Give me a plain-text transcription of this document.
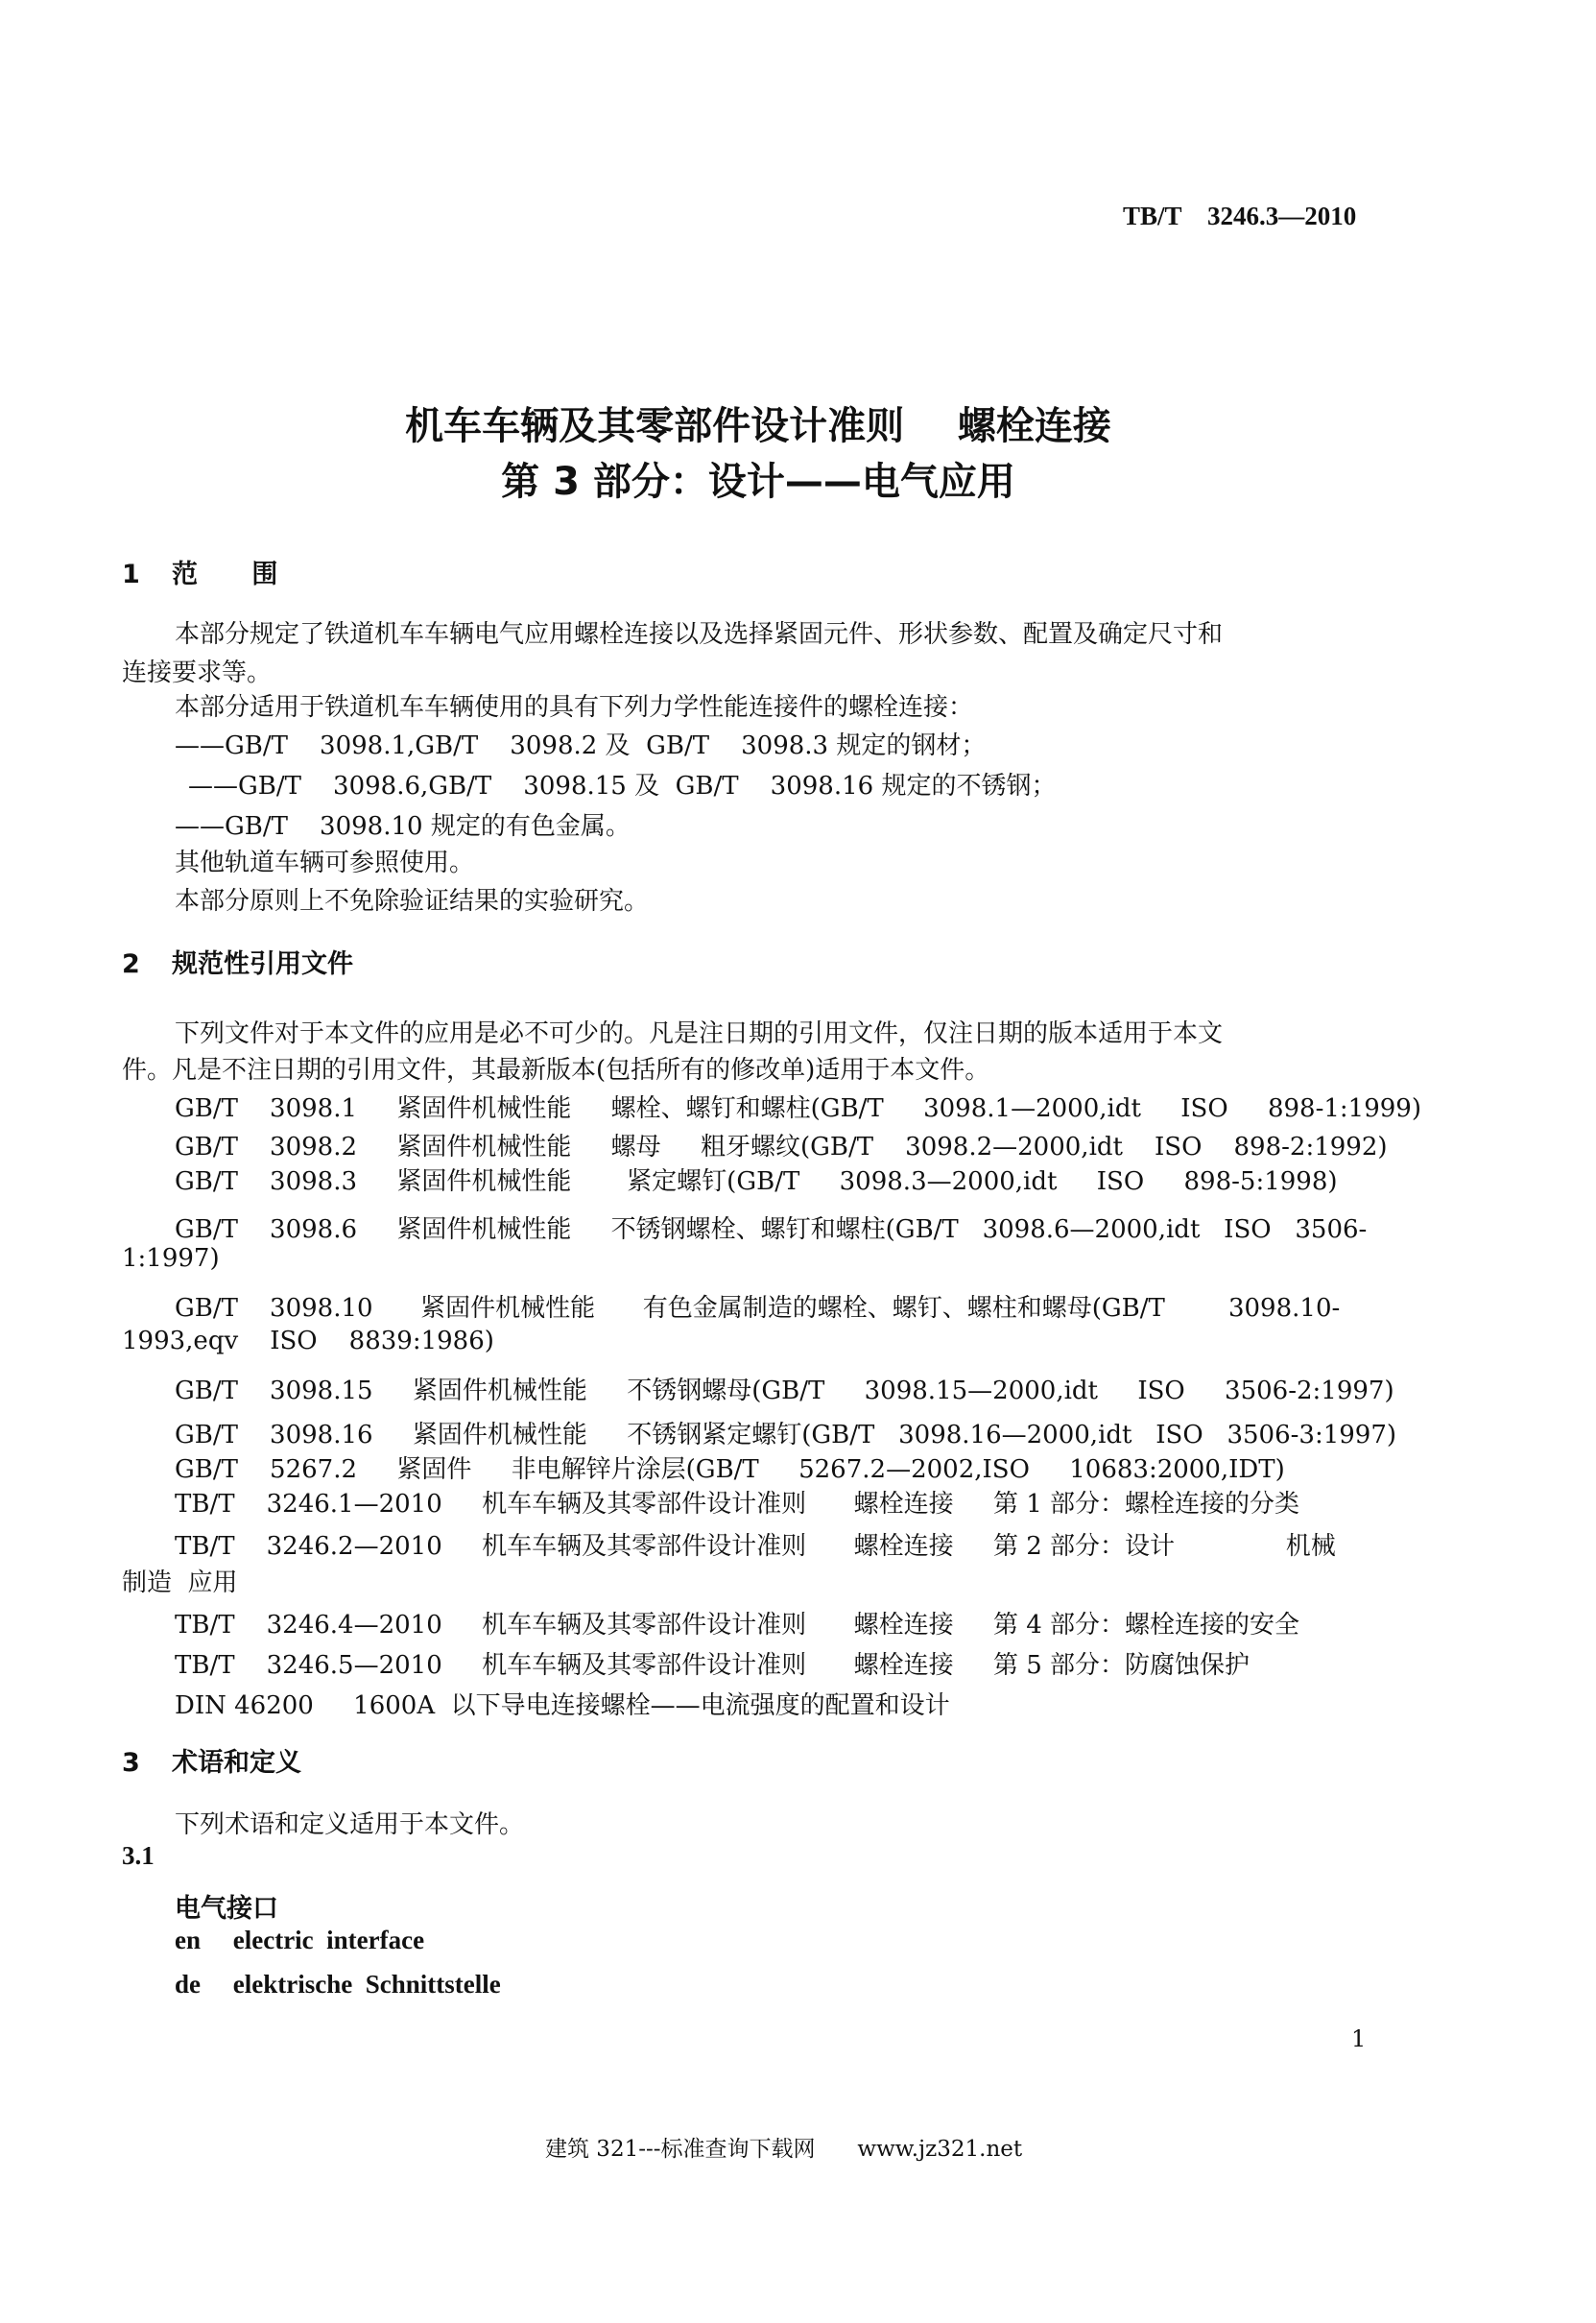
TB/T    3246.3—2010
机车车辆及其零部件设计准则    螺栓连接
第 3 部分：设计——电气应用
1 范      围
本部分规定了铁道机车车辆电气应用螺栓连接以及选择紧固元件、形状参数、配置及确定尺寸和
连接要求等。
本部分适用于铁道机车车辆使用的具有下列力学性能连接件的螺栓连接：
——GB/T    3098.1,GB/T    3098.2 及  GB/T    3098.3 规定的钢材；
——GB/T    3098.6,GB/T    3098.15 及  GB/T    3098.16 规定的不锈钢；
——GB/T    3098.10 规定的有色金属。
其他轨道车辆可参照使用。
本部分原则上不免除验证结果的实验研究。
2 规范性引用文件
下列文件对于本文件的应用是必不可少的。凡是注日期的引用文件，仅注日期的版本适用于本文
件。凡是不注日期的引用文件，其最新版本(包括所有的修改单)适用于本文件。
GB/T    3098.1     紧固件机械性能     螺栓、螺钉和螺柱(GB/T     3098.1—2000,idt     ISO     898-1:1999)
GB/T    3098.2     紧固件机械性能     螺母     粗牙螺纹(GB/T    3098.2—2000,idt    ISO    898-2:1992)
GB/T    3098.3     紧固件机械性能       紧定螺钉(GB/T     3098.3—2000,idt     ISO     898-5:1998)
GB/T    3098.6     紧固件机械性能     不锈钢螺栓、螺钉和螺柱(GB/T   3098.6—2000,idt   ISO   3506-
1:1997)
GB/T    3098.10      紧固件机械性能      有色金属制造的螺栓、螺钉、螺柱和螺母(GB/T        3098.10-
1993,eqv    ISO    8839:1986)
GB/T    3098.15     紧固件机械性能     不锈钢螺母(GB/T     3098.15—2000,idt     ISO     3506-2:1997)
GB/T    3098.16     紧固件机械性能     不锈钢紧定螺钉(GB/T   3098.16—2000,idt   ISO   3506-3:1997)
GB/T    5267.2     紧固件     非电解锌片涂层(GB/T     5267.2—2002,ISO     10683:2000,IDT)
TB/T    3246.1—2010     机车车辆及其零部件设计准则      螺栓连接     第 1 部分：螺栓连接的分类
TB/T    3246.2—2010     机车车辆及其零部件设计准则      螺栓连接     第 2 部分：设计              机械
制造  应用
TB/T    3246.4—2010     机车车辆及其零部件设计准则      螺栓连接     第 4 部分：螺栓连接的安全
TB/T    3246.5—2010     机车车辆及其零部件设计准则      螺栓连接     第 5 部分：防腐蚀保护
DIN 46200     1600A  以下导电连接螺栓——电流强度的配置和设计
3 术语和定义
下列术语和定义适用于本文件。
3.1
电气接口
en     electric  interface
de     elektrische  Schnittstelle
1
建筑 321---标准查询下载网      www.jz321.net
